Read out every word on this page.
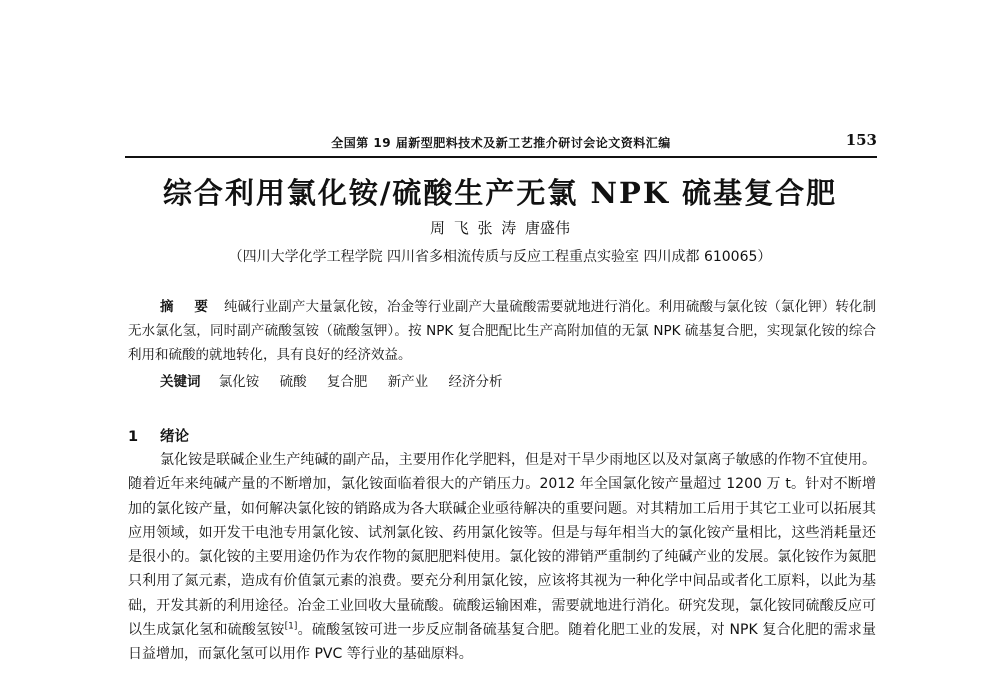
全国第 19 届新型肥料技术及新工艺推介研讨会论文资料汇编	153
综合利用氯化铵/硫酸生产无氯 NPK 硫基复合肥
周 飞 张 涛 唐盛伟
（四川大学化学工程学院 四川省多相流传质与反应工程重点实验室 四川成都 610065）

摘 要 纯碱行业副产大量氯化铵，冶金等行业副产大量硫酸需要就地进行消化。利用硫酸与氯化铵（氯化钾）转化制无水氯化氢，同时副产硫酸氢铵（硫酸氢钾）。按 NPK 复合肥配比生产高附加值的无氯 NPK 硫基复合肥，实现氯化铵的综合利用和硫酸的就地转化，具有良好的经济效益。

关键词 氯化铵 硫酸 复合肥 新产业 经济分析
1 绪论

氯化铵是联碱企业生产纯碱的副产品，主要用作化学肥料，但是对干旱少雨地区以及对氯离子敏感的作物不宜使用。随着近年来纯碱产量的不断增加，氯化铵面临着很大的产销压力。2012 年全国氯化铵产量超过 1200 万 t。针对不断增加的氯化铵产量，如何解决氯化铵的销路成为各大联碱企业亟待解决的重要问题。对其精加工后用于其它工业可以拓展其应用领域，如开发干电池专用氯化铵、试剂氯化铵、药用氯化铵等。但是与每年相当大的氯化铵产量相比，这些消耗量还是很小的。氯化铵的主要用途仍作为农作物的氮肥肥料使用。氯化铵的滞销严重制约了纯碱产业的发展。氯化铵作为氮肥只利用了氮元素，造成有价值氯元素的浪费。要充分利用氯化铵，应该将其视为一种化学中间品或者化工原料，以此为基础，开发其新的利用途径。冶金工业回收大量硫酸。硫酸运输困难，需要就地进行消化。研究发现，氯化铵同硫酸反应可以生成氯化氢和硫酸氢铵[1]。硫酸氢铵可进一步反应制备硫基复合肥。随着化肥工业的发展，对 NPK 复合化肥的需求量日益增加，而氯化氢可以用作 PVC 等行业的基础原料。
